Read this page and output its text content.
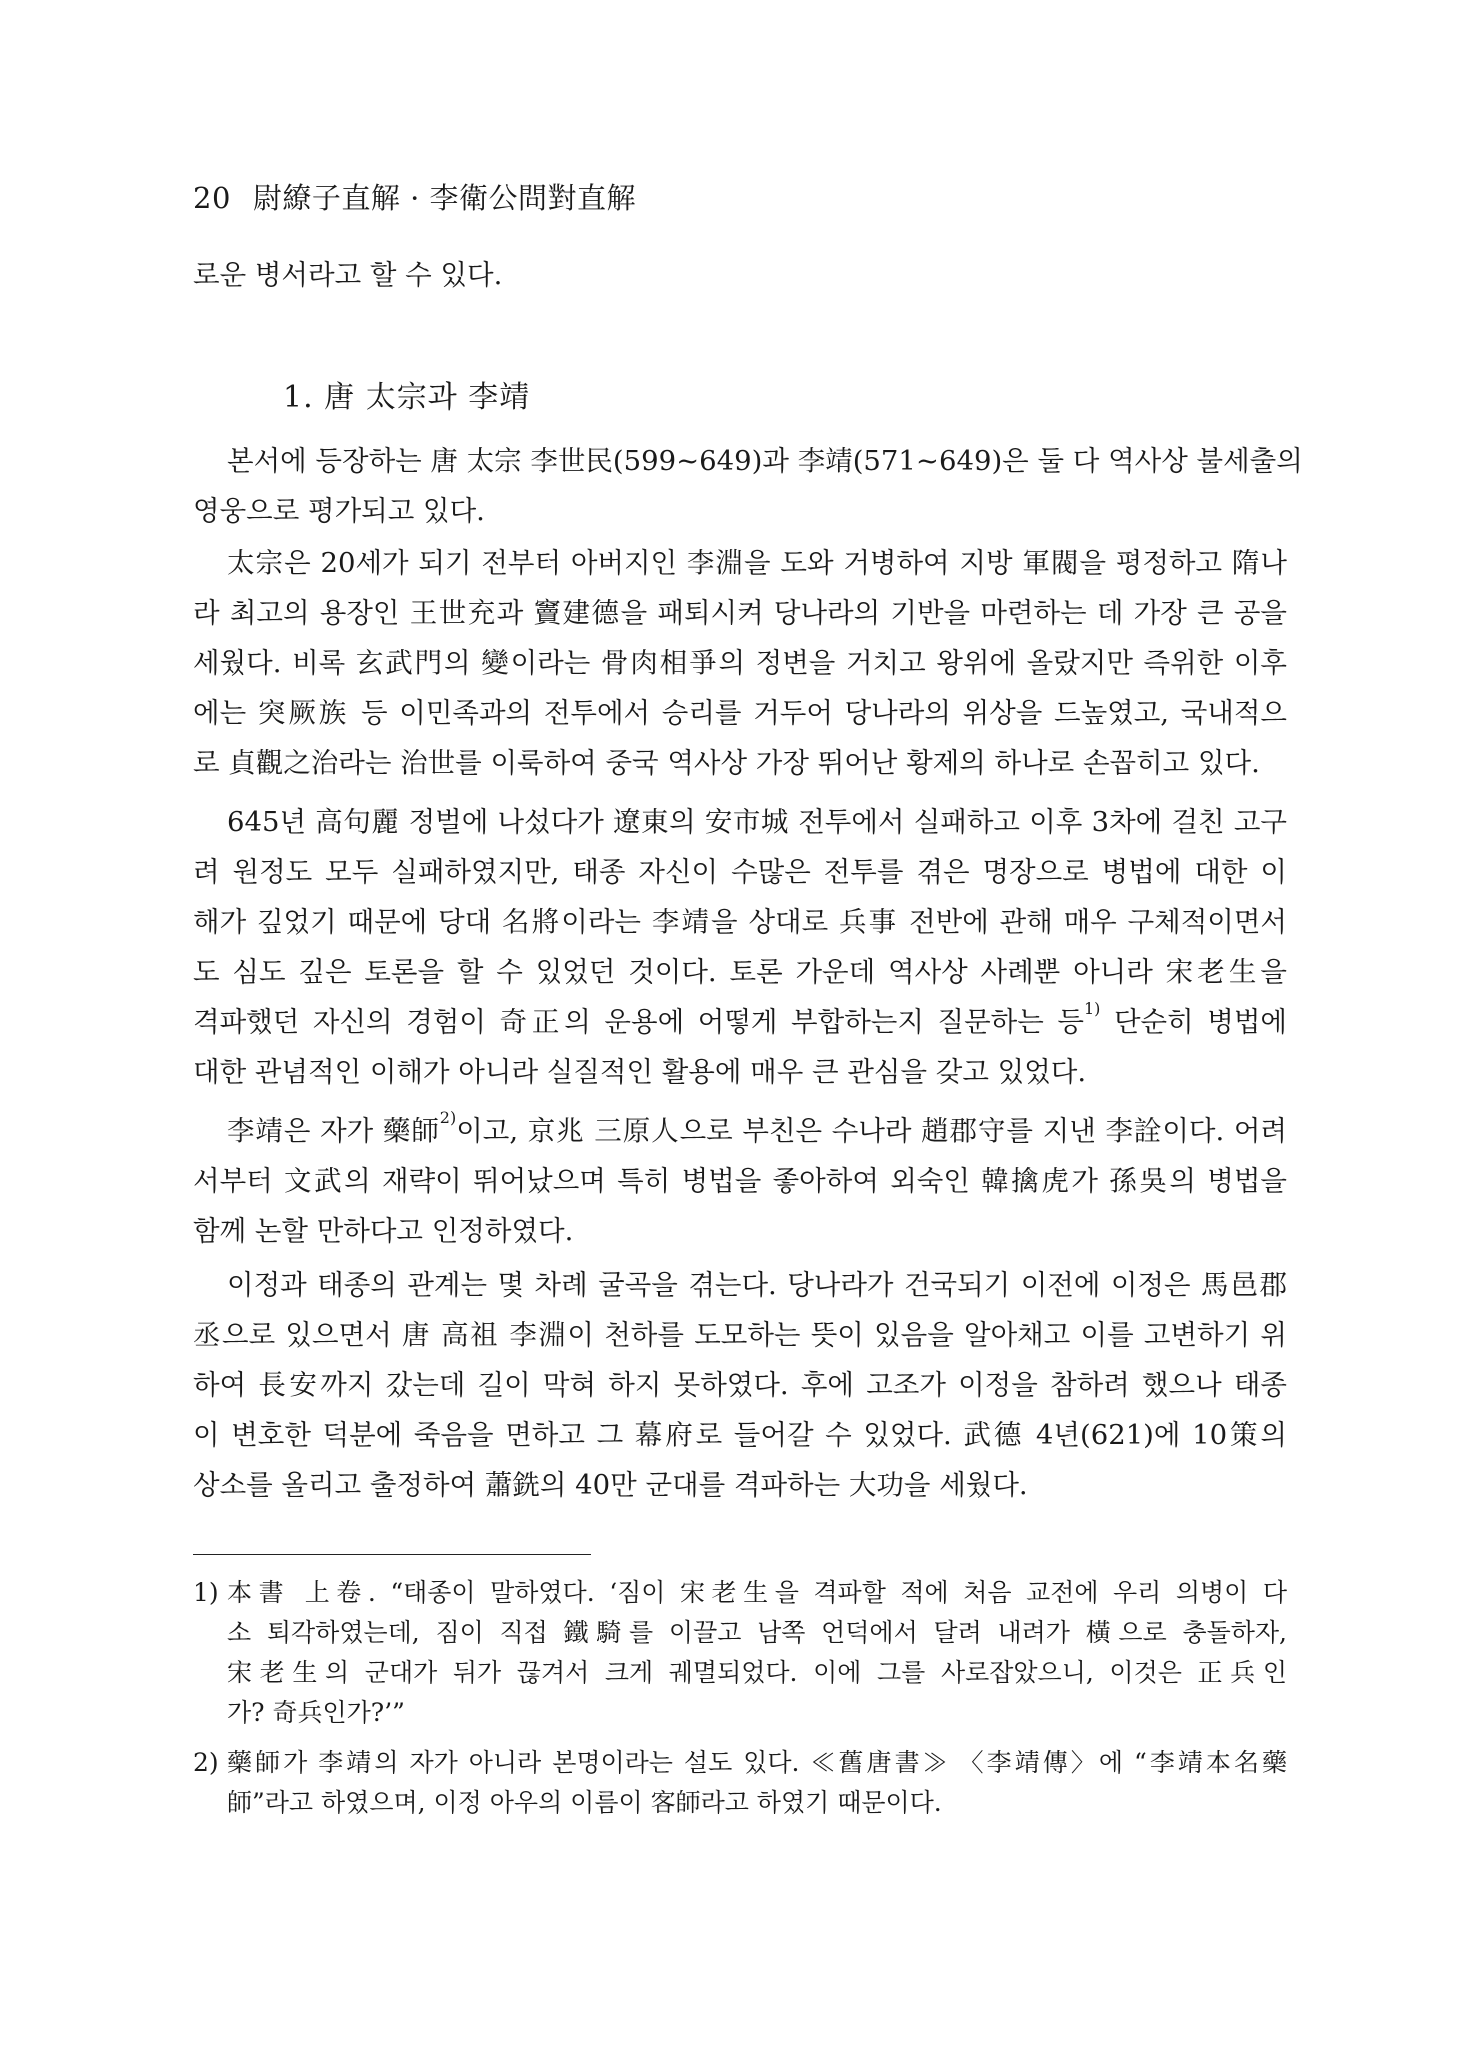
20 尉繚子直解 · 李衛公問對直解
로운 병서라고 할 수 있다.
1. 唐 太宗과 李靖
본서에 등장하는 唐 太宗 李世民(599~649)과 李靖(571~649)은 둘 다 역사상 불세출의
영웅으로 평가되고 있다.
太宗은 20세가 되기 전부터 아버지인 李淵을 도와 거병하여 지방 軍閥을 평정하고 隋나
라 최고의 용장인 王世充과 竇建德을 패퇴시켜 당나라의 기반을 마련하는 데 가장 큰 공을
세웠다. 비록 玄武門의 變이라는 骨肉相爭의 정변을 거치고 왕위에 올랐지만 즉위한 이후
에는 突厥族 등 이민족과의 전투에서 승리를 거두어 당나라의 위상을 드높였고, 국내적으
로 貞觀之治라는 治世를 이룩하여 중국 역사상 가장 뛰어난 황제의 하나로 손꼽히고 있다.
645년 高句麗 정벌에 나섰다가 遼東의 安市城 전투에서 실패하고 이후 3차에 걸친 고구
려 원정도 모두 실패하였지만, 태종 자신이 수많은 전투를 겪은 명장으로 병법에 대한 이
해가 깊었기 때문에 당대 名將이라는 李靖을 상대로 兵事 전반에 관해 매우 구체적이면서
도 심도 깊은 토론을 할 수 있었던 것이다. 토론 가운데 역사상 사례뿐 아니라 宋老生을
격파했던 자신의 경험이 奇正의 운용에 어떻게 부합하는지 질문하는 등$^{1)}$ 단순히 병법에
대한 관념적인 이해가 아니라 실질적인 활용에 매우 큰 관심을 갖고 있었다.
李靖은 자가 藥師$^{2)}$이고, 京兆 三原人으로 부친은 수나라 趙郡守를 지낸 李詮이다. 어려
서부터 文武의 재략이 뛰어났으며 특히 병법을 좋아하여 외숙인 韓擒虎가 孫吳의 병법을
함께 논할 만하다고 인정하였다.
이정과 태종의 관계는 몇 차례 굴곡을 겪는다. 당나라가 건국되기 이전에 이정은 馬邑郡
丞으로 있으면서 唐 高祖 李淵이 천하를 도모하는 뜻이 있음을 알아채고 이를 고변하기 위
하여 長安까지 갔는데 길이 막혀 하지 못하였다. 후에 고조가 이정을 참하려 했으나 태종
이 변호한 덕분에 죽음을 면하고 그 幕府로 들어갈 수 있었다. 武德 4년(621)에 10策의
상소를 올리고 출정하여 蕭銑의 40만 군대를 격파하는 大功을 세웠다.
1) 本書 上卷. “태종이 말하였다. ‘짐이 宋老生을 격파할 적에 처음 교전에 우리 의병이 다
소 퇴각하였는데, 짐이 직접 鐵騎를 이끌고 남쪽 언덕에서 달려 내려가 橫으로 충돌하자,
宋老生의 군대가 뒤가 끊겨서 크게 궤멸되었다. 이에 그를 사로잡았으니, 이것은 正兵인
가? 奇兵인가?’”
2) 藥師가 李靖의 자가 아니라 본명이라는 설도 있다. ≪舊唐書≫ 〈李靖傳〉에 “李靖本名藥
師”라고 하였으며, 이정 아우의 이름이 客師라고 하였기 때문이다.
